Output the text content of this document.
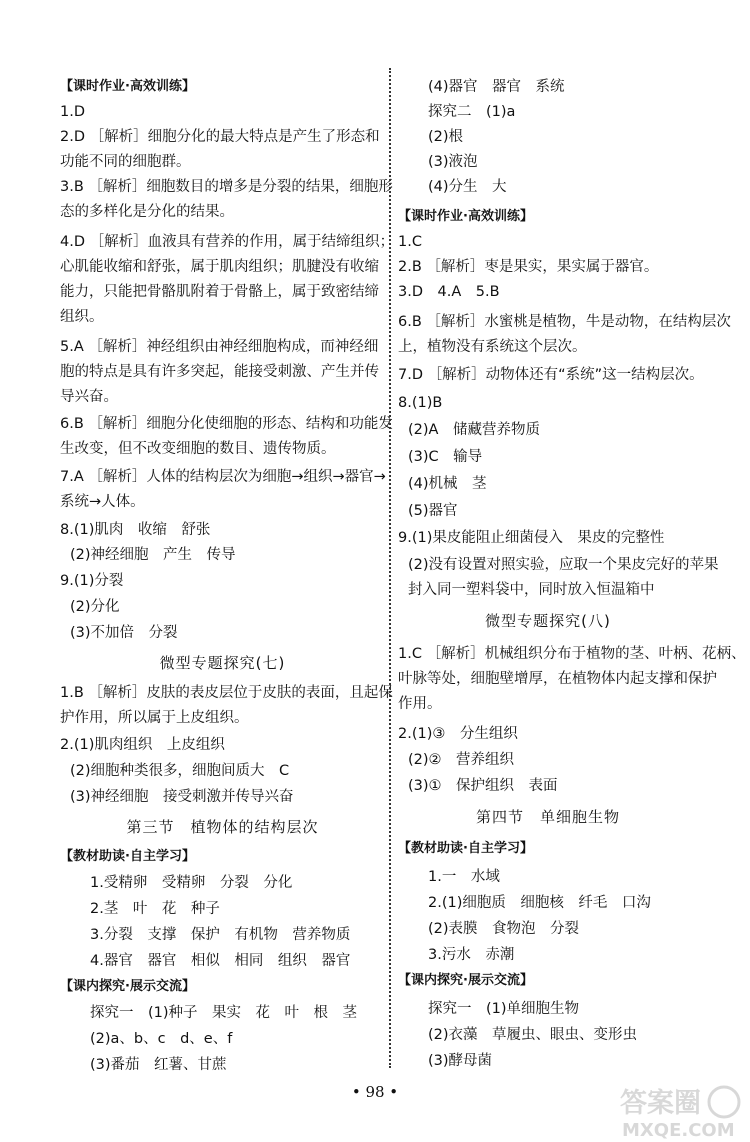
【课时作业·高效训练】
1.D
2.D ［解析］细胞分化的最大特点是产生了形态和
功能不同的细胞群。
3.B ［解析］细胞数目的增多是分裂的结果，细胞形
态的多样化是分化的结果。
4.D ［解析］血液具有营养的作用，属于结缔组织；
心肌能收缩和舒张，属于肌肉组织；肌腱没有收缩
能力，只能把骨骼肌附着于骨骼上，属于致密结缔
组织。
5.A ［解析］神经组织由神经细胞构成，而神经细
胞的特点是具有许多突起，能接受刺激、产生并传
导兴奋。
6.B ［解析］细胞分化使细胞的形态、结构和功能发
生改变，但不改变细胞的数目、遗传物质。
7.A ［解析］人体的结构层次为细胞→组织→器官→
系统→人体。
8.(1)肌肉　收缩　舒张
(2)神经细胞　产生　传导
9.(1)分裂
(2)分化
(3)不加倍　分裂
微型专题探究(七)
1.B ［解析］皮肤的表皮层位于皮肤的表面，且起保
护作用，所以属于上皮组织。
2.(1)肌肉组织　上皮组织
(2)细胞种类很多，细胞间质大　C
(3)神经细胞　接受刺激并传导兴奋
第三节　植物体的结构层次
【教材助读·自主学习】
1.受精卵　受精卵　分裂　分化
2.茎　叶　花　种子
3.分裂　支撑　保护　有机物　营养物质
4.器官　器官　相似　相同　组织　器官
【课内探究·展示交流】
探究一　(1)种子　果实　花　叶　根　茎
(2)a、b、c　d、e、f
(3)番茄　红薯、甘蔗
(4)器官　器官　系统
探究二　(1)a
(2)根
(3)液泡
(4)分生　大
【课时作业·高效训练】
1.C
2.B ［解析］枣是果实，果实属于器官。
3.D　4.A　5.B
6.B ［解析］水蜜桃是植物，牛是动物，在结构层次
上，植物没有系统这个层次。
7.D ［解析］动物体还有“系统”这一结构层次。
8.(1)B
(2)A　储藏营养物质
(3)C　输导
(4)机械　茎
(5)器官
9.(1)果皮能阻止细菌侵入　果皮的完整性
(2)没有设置对照实验，应取一个果皮完好的苹果
封入同一塑料袋中，同时放入恒温箱中
微型专题探究(八)
1.C ［解析］机械组织分布于植物的茎、叶柄、花柄、
叶脉等处，细胞壁增厚，在植物体内起支撑和保护
作用。
2.(1)③　分生组织
(2)②　营养组织
(3)①　保护组织　表面
第四节　单细胞生物
【教材助读·自主学习】
1.一　水域
2.(1)细胞质　细胞核　纤毛　口沟
(2)表膜　食物泡　分裂
3.污水　赤潮
【课内探究·展示交流】
探究一　(1)单细胞生物
(2)衣藻　草履虫、眼虫、变形虫
(3)酵母菌
• 98 •	答案圈
MXQE.COM
